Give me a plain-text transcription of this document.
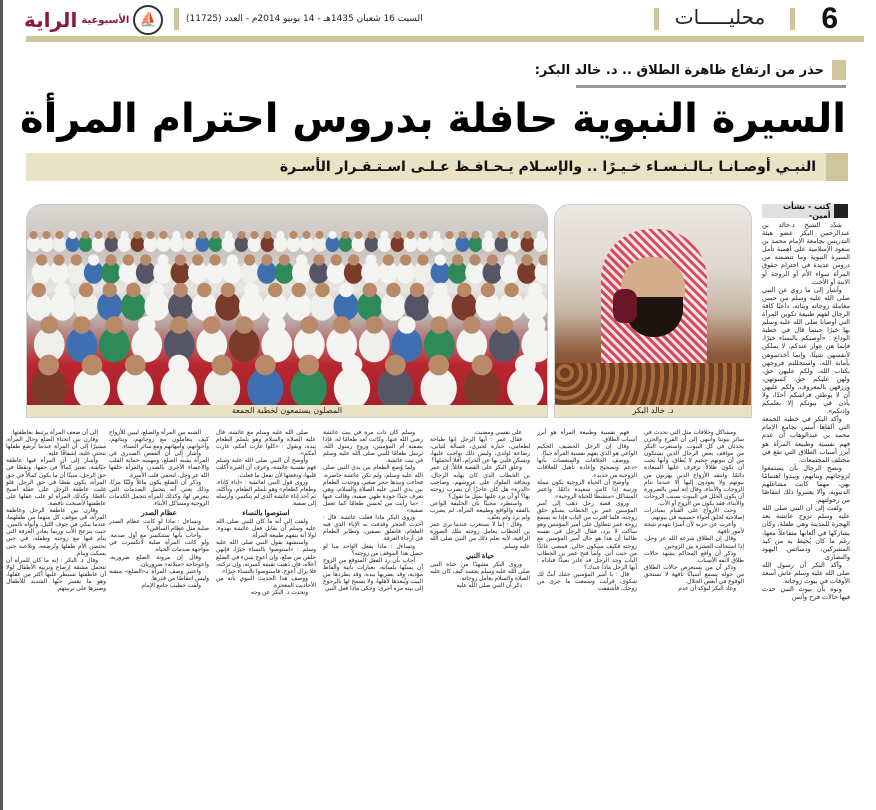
الراية الأسبوعية ⛵	السبت 16 شعبان 1435هـ - 14 يونيو 2014م - العدد (11725)	محليـــــات	6
حذر من ارتفاع ظاهرة الطلاق .. د. خالد البكر:
السيرة النبوية حافلة بدروس احترام المرأة
النبـي أوصـانـا بـالـنـسـاء خـيـرًا .. والإسـلام يـحـافـظ عـلـى اسـتـقـرار الأسـرة
كتب - نشأت أمين-
د. خالد البكر
المصلون يستمعون لخطبة الجمعة

شدّد الشيخ د.خالد بن عبدالرحمن البكر عضو هيئة التدريس بجامعة الإمام محمد بن سعود الإسلامية على أهمية تأمل السيرة النبوية وما تتضمنه من دروس عديدة في احترام حقوق المرأة سواء الأم أو الزوجة أو الابنة أو الأخت.

وأشار إلى ما روي عن النبي صلى الله عليه وسلم من حسن معاملة زوجاته وبناته، داعيًا كافة الرجال لفهم طبيعة تكوين المرأة التي أوصانا صلى الله عليه وسلم بها خيرًا حينما قال في خطبة الوداع : «أوصيكم بالنساء خيرًا، فإنما هن عوار عندكم، لا يملكن لأنفسهن شيئًا، وإنما أخذتموهن بأمانة الله، واستحللتم فروجهن بكتاب الله، ولكم عليهن حق، ولهن عليكم حق، كسوتهن، ورزقهن بالمعروف، ولكم عليهن أن لا يوطئن فراشكم أحدًا، ولا يأذن في بيوتكم إلا بعلمكم وإذنكم».

وأكد البكر في خطبة الجمعة التي ألقاها أمس بجامع الإمام محمد بن عبدالوهاب أن عدم فهم نفسية وطبيعة المرأة هو أبرز أسباب الطلاق التي تقع في مختلف المجتمعات.

ونصح الرجال بأن يستمعوا لزوجاتهم وبناتهم، ويبدوا اهتمامًا بهن، مهما كانت مشاغلهم الدنيوية، وألا يعتبروا ذلك انتقاصًا من رجولتهم.

ولفت إلى أن النبي صلى الله عليه وسلم تزوج عائشة بعد الهجرة للمدينة وهي طفلة، وكان يشاركها في ألعابها متفاعلاً معها، رغم ما كان يُحيط به من كيد المشركين، ودسائس اليهود والنصارى.

وأكد البكر أن رسول الله صلى الله عليه وسلم عاش أسعد الأوقات في بيوت زوجاته.

ونوه بأن بيوت النبي حدث فيها حالات فرح وأنس

ومشاكل وخلافات مثل التي تحدث في سائر بيوتنا وانتهى إلى أن الفرح والحزن يحدثان في كل البيوت. واستغرب البكر من مواقف بعض الرجال الذين يشتكون من أن بيوتهم جحيم لا يُطاق، وأنها يجب أن تكون ظلالاً ترفرف عليها السعادة دائمًا. وانتقد الأزواج الذين يهربون من بيوتهم ولا يعودون إليها إلا عندما تنام الزوجات والأبناء، وقال إنه ليس بالضرورة أن يكون الخلل في البيوت بسبب الزوجات والأبناء، فقد يكون من الزوج أو الأب.

وحث الأزواج على القيام بمبادرات إصلاحية لخلق أجواء حميمية في بيوتهم.

وأعرب عن حزنه لأن أسرًا تتهدم نتيجة لأمور تافهة.

وقال إن الطلاق شرعه الله عز وجل، إذا استحالت العشرة بين الزوجين.

وذكر أن واقع المحاكم يشهد حالات طلاق لأتفه الأسباب.

وذكر أن من يستعرض حالات الطلاق من حوله يسمع أسبابًا تافهة لا تستحق الوقوع في أبغض الحلال.

وعاد البكر ليؤكد أن عدم

فهم نفسية وطبيعة المرأة هو أبرز أسباب الطلاق.

وقال إن الرجل الحصيف الحكيم الواعي هو الذي يفهم نفسية المرأة جيدًا.

ووصف الخلافات والمنغصات بأنها «دعم وتصحيح وإعادة تأهيل للعلاقات الزوجية من جديد».

وأوضح أن الحياة الزوجية تكون مملة ورتيبة إذا كانت سعيدة دائمًا. واعتبر المشاكل «منشطًا للحياة الزوجية».

وروى قصة رجل ذهب إلى أمير المؤمنين عمر بن الخطاب يشكو خلق زوجته، فلما اقترب من الباب فإذا به يسمع زوجة عمر تتطاول على أمير المؤمنين وهو ساكت لا يرد، فقال الرجل في نفسه طالما أن هذا هو حال أمير المؤمنين مع زوجته فكيف سيكون حالي. فمضى عائدًا من حيث أتى. ولما فتح عمر بن الخطاب الباب وجد الرجل قد غادر بعيدًا فناداه : أيها الرجل ماذا عندك؟

قال : يا أمير المؤمنين جئتك أبثّ لك شكوى، فرأيت وسمعت ما جرى من زوجك، فأشفقت

على نفسي ومضيت.

فقال عمر : أيها الرجل إنها طباخة لطعامي، خبازة لخبزي، غسالة لثيابي، رضاعة لولدي، وليس ذلك بواجب عليها، ويسكن قلبي بها عن الحرام، أفلا أتحملها؟

وعلق البكر على القصة قائلاً: إن عمر بن الخطاب الذي كان يهابه الرجال، ويخافه الملوك على عروشهم، وصاحب «الدرة» هل كان عاجزًا أن يضرب زوجته بها؟ أو أن يرد عليها بمثل ما تقول؟

واستطرد مجيبًا بأن الخليفة الواعي بالفقه والواقع وطبيعة المرأة، لم يضرب ولم يرد ولم يعنّف.

وقال : إننا لا نستغرب عندما نرى عمر بن الخطاب يعامل زوجته بتلك الصورة الراقية، لأنه تعلم ذلك من النبي صلى الله عليه وسلم.

حياة النبي

وروى البكر مشهدًا من حياة النبي صلى الله عليه وسلم يجسد كيف كان عليه الصلاة والسلام يعامل زوجاته.

ذكر أن النبي صلى الله عليه

وسلم كان ذات مرة في بيت عائشة رضي الله عنها، وكانت تُعد طعامًا له، فإذا بصفية أم المؤمنين، وزوج رسول الله، ترسل طعامًا للنبي صلى الله عليه وسلم في بيت عائشة.

ولما وُضع الطعام بين يدي النبي صلى الله عليه وسلم، ولم تكن عائشة حاضرة، فجاءت وبيدها حجر صغير، ووجدت الطعام بين يدي النبي عليه الصلاة والسلام، وهي تعرف جيدًا جودة طهي صفية، وقالت عنها : «ما رأيت من يُحسن طعامًا كما تعمل صفية».

وروى البكر ماذا فعلت عائشة. قال : أخذت الحجر وقذفت به الإناء الذي فيه الطعام، فانفلق نصفين، وتطاير الطعام في أرجاء الغرفة.

وتساءل : ماذا يفعل الواحد منا لو حصل هذا الموقف من زوجته؟

أجاب بأن رد الفعل المتوقع من الزوج أن يسبّها بلسانه، بعبارات نابية وألفاظ مؤذية، وقد يضربها بيده، وقد يطردها من البيت ويُبعدها لأهلها، ولا يسمح لها بالرجوع إلى بيته مرة أخرى. وحكى ماذا فعل النبي

صلى الله عليه وسلم مع عائشة. قال عليه الصلاة والسلام وهو يلملم الطعام بيده، ويقول : «كلوا غارت أمكم، غارت أمكم».

وأوضح أن النبي صلى الله عليه وسلم فهم نفسية عائشة، وعرف أن الغيرة أكلت قلبها، ودفعتها لأن تفعل ما فعلت.

وروى قول النبي لعائشة : «إناء كإناء، وطعام كطعام» وهو يلملم الطعام، ويأكله، ثم أخذ إناء عائشة الذي لم ينكسر، وأرسله إلى صفية.

استوصوا بالنساء

ولفت إلى أنه ما كان للنبي صلى الله عليه وسلم أن يقابل فعل عائشة بهدوء، لولا أنه يتفهم طبيعة المرأة.

واستشهد بقول النبي صلى الله عليه وسلم : «استوصوا بالنساء خيرًا، فإنهن خلقن من ضلع، وإن أعوج شيء في الضلع أعلاه، فإن ذهبت تقيمه كسرته، وإن تركته، فلا يزال أعوج، فاستوصوا بالنساء خيرًا».

ووصف هذا الحديث النبوي بأنه من الأحاديث المعجزة.

وتحدث د. البكر عن وجه

الشبه بين المرأة والضلع، ليبين للأزواج كيف يتعاملون مع زوجاتهم، وبناتهم، وأخواتهم، وأمهاتهم ومع سائر النساء.

وأشار إلى أن القفص الصدري في المرأة يشبه الضلع، ومهمته حماية القلب والأعضاء الأخرى بالصدر، والمرأة خلقها الله عز وجل، لتحمي قلب الأسرة.

وذكر أن الضلع يكون مائلاً وليّنًا مرنًا، وذلك يعني أنه يتحمل الصدمات التي يتعرض لها، وكذلك المرأة تتحمل الكدمات الزوجية ومشاكل الأبناء.

عظام الصدر

وتساءل : ماذا لو كانت عظام الصدر صلبة مثل عظام الساقين؟

وأجاب بأنها ستتكسر مع أول صدمة. ولو كانت المرأة صلبة لانكسرت في مواجهة صدمات الحياة.

وقال إن مرونة الضلع ضرورية، واعوجاجه «ميلانه» ضروريان.

واعتبر وصف المرأة بـ«الضلع» منقبة وليس انتقاصًا من قدرها.

ولفت خطيب جامع الإمام

إلى أن ضعف المرأة يرتبط بعاطفتها.

وقارن بين انحناء الضلع وحال المرأة، مشيرًا إلى أن المرأة عندما تُرضع طفلها تنحني عليه، إشفاقًا عليه.

وأشار إلى أن المرأة فيها عاطفة جيّاشة، تعتبر كمالاً في حقها، ونقصًا في حق الرجل، مبينًا أن ما يكون كمالاً في حق المرأة، يكون نقصًا في حق الرجل. فلو غلبت عاطفة الرجل على عقله أصبح ناقصًا. وكذلك المرأة لو غلب عقلها على عاطفتها لأصبحت ناقصة.

وقارن بين عاطفة الرجل وعاطفة المرأة، في موقف كل منهما من طفلهما، عندما يبكي في جوف الليل، وأبواه نائمين، حيث يتزعج الأب وربما يغادر الغرفة التي ينام فيها مع زوجته وطفله، في حين تحتضن الأم طفلها وتُرضعه، وتلاعبه حتى يسكت وينام.

وقال د. البكر : إنه ما كان للمرأة أن تتحمل مشقة إرضاع وتربية الأطفال لولا أن عاطفتها تسيطر عليها أكثر من عقلها، وهو ما يفسر حبّها الشديد للأطفال وصبرها على تربيتهم.
